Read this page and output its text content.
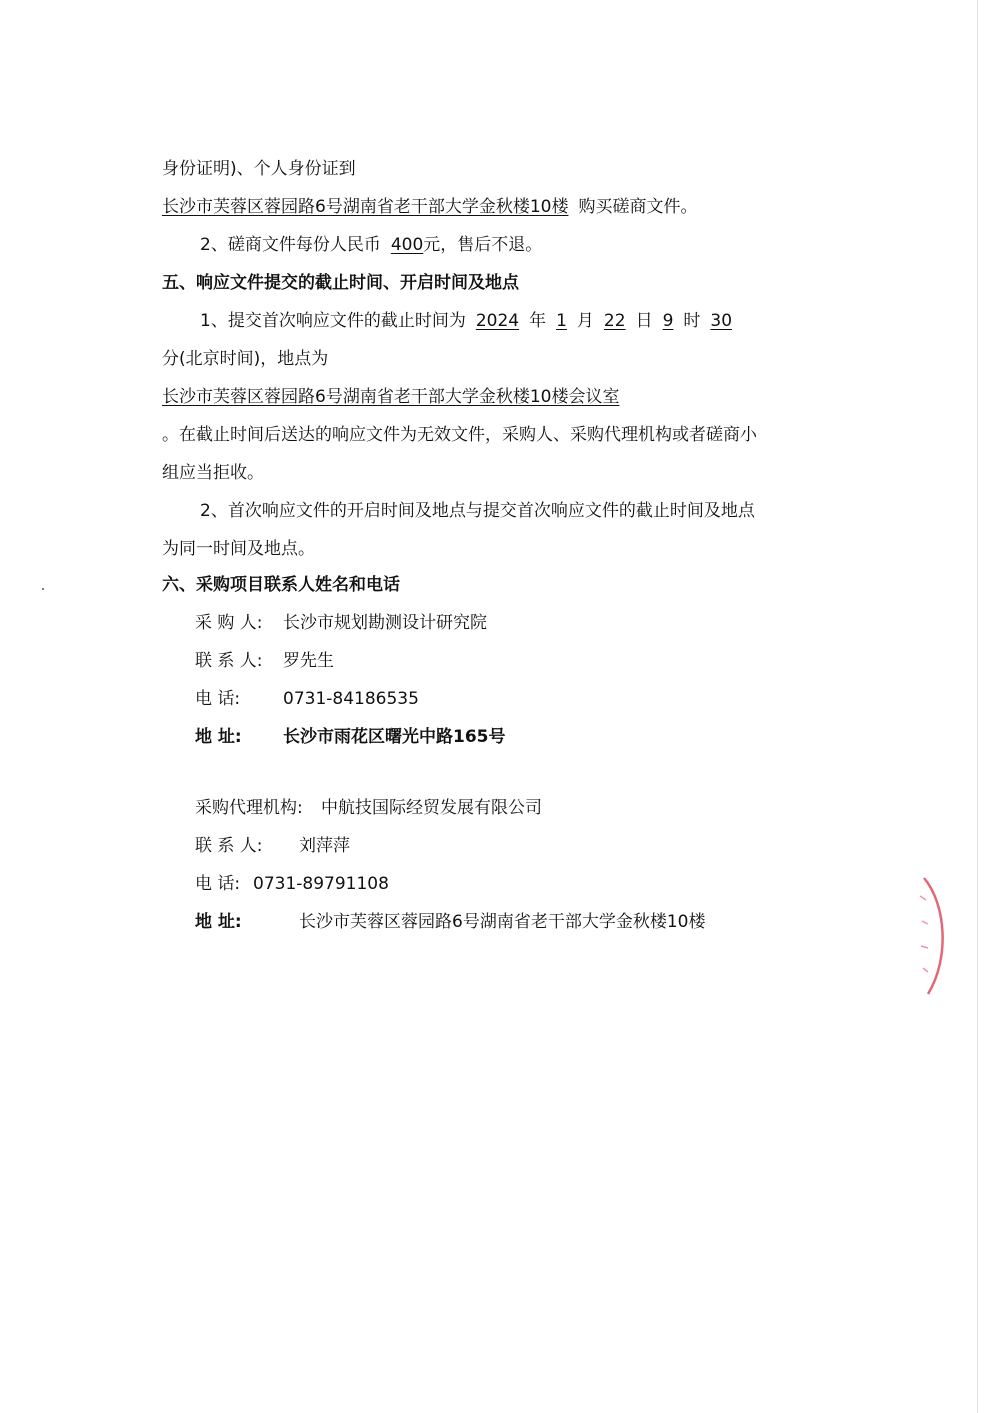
身份证明)、个人身份证到
长沙市芙蓉区蓉园路6号湖南省老干部大学金秋楼10楼 购买磋商文件。
2、磋商文件每份人民币 400元，售后不退。
五、响应文件提交的截止时间、开启时间及地点
1、提交首次响应文件的截止时间为 2024 年 1 月 22 日 9 时 30
分(北京时间)，地点为
长沙市芙蓉区蓉园路6号湖南省老干部大学金秋楼10楼会议室
。在截止时间后送达的响应文件为无效文件，采购人、采购代理机构或者磋商小
组应当拒收。
2、首次响应文件的开启时间及地点与提交首次响应文件的截止时间及地点
为同一时间及地点。
六、采购项目联系人姓名和电话
采 购 人: 长沙市规划勘测设计研究院
联 系 人: 罗先生
电 话:	0731-84186535
地 址: 长沙市雨花区曙光中路165号
采购代理机构: 中航技国际经贸发展有限公司
联 系 人: 刘萍萍
电 话: 0731-89791108
地 址:	长沙市芙蓉区蓉园路6号湖南省老干部大学金秋楼10楼
